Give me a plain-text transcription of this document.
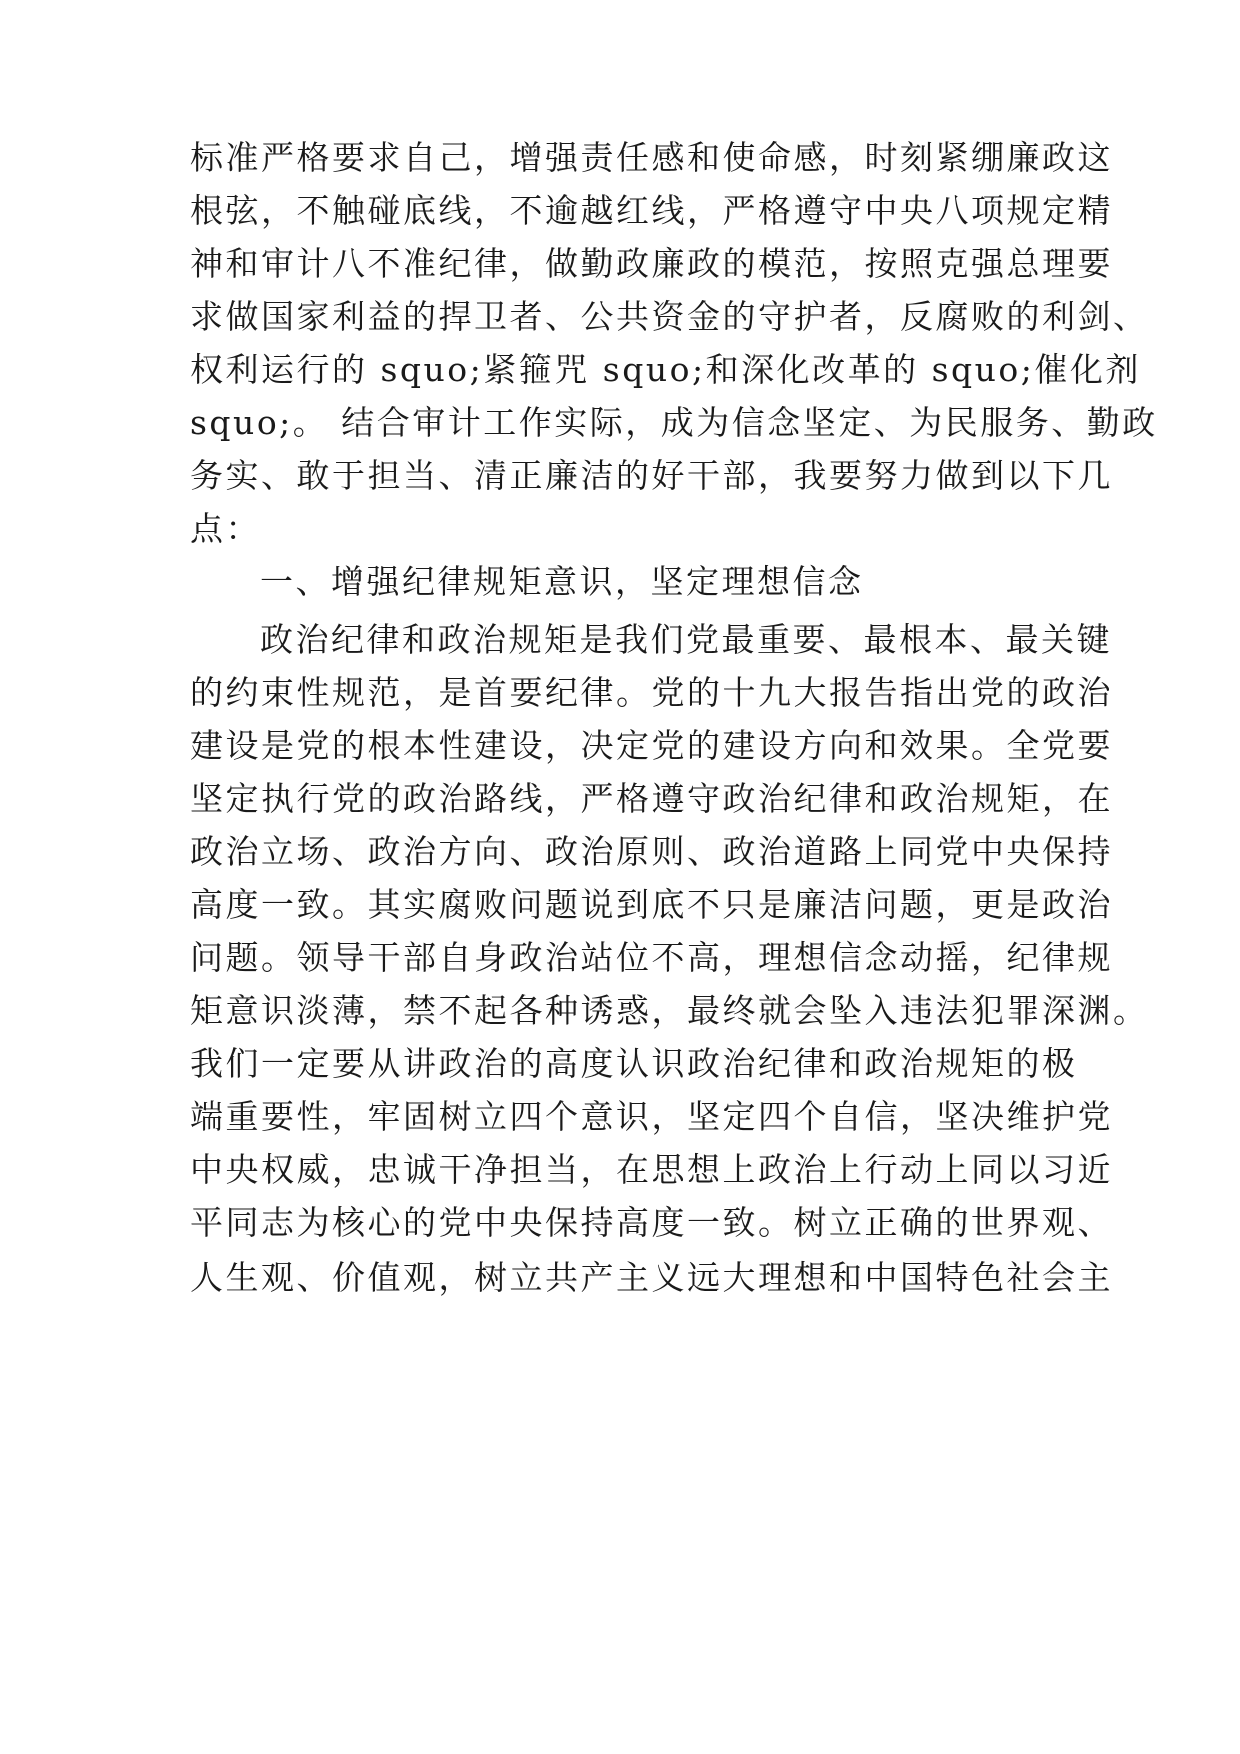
标准严格要求自己，增强责任感和使命感，时刻紧绷廉政这
根弦，不触碰底线，不逾越红线，严格遵守中央八项规定精
神和审计八不准纪律，做勤政廉政的模范，按照克强总理要
求做国家利益的捍卫者、公共资金的守护者，反腐败的利剑、
权利运行的 squo;紧箍咒 squo;和深化改革的 squo;催化剂
squo;。 结合审计工作实际，成为信念坚定、为民服务、勤政
务实、敢于担当、清正廉洁的好干部，我要努力做到以下几
点：
一、增强纪律规矩意识，坚定理想信念
政治纪律和政治规矩是我们党最重要、最根本、最关键
的约束性规范，是首要纪律。党的十九大报告指出党的政治
建设是党的根本性建设，决定党的建设方向和效果。全党要
坚定执行党的政治路线，严格遵守政治纪律和政治规矩，在
政治立场、政治方向、政治原则、政治道路上同党中央保持
高度一致。其实腐败问题说到底不只是廉洁问题，更是政治
问题。领导干部自身政治站位不高，理想信念动摇，纪律规
矩意识淡薄，禁不起各种诱惑，最终就会坠入违法犯罪深渊。
我们一定要从讲政治的高度认识政治纪律和政治规矩的极
端重要性，牢固树立四个意识，坚定四个自信，坚决维护党
中央权威，忠诚干净担当，在思想上政治上行动上同以习近
平同志为核心的党中央保持高度一致。树立正确的世界观、
人生观、价值观，树立共产主义远大理想和中国特色社会主
